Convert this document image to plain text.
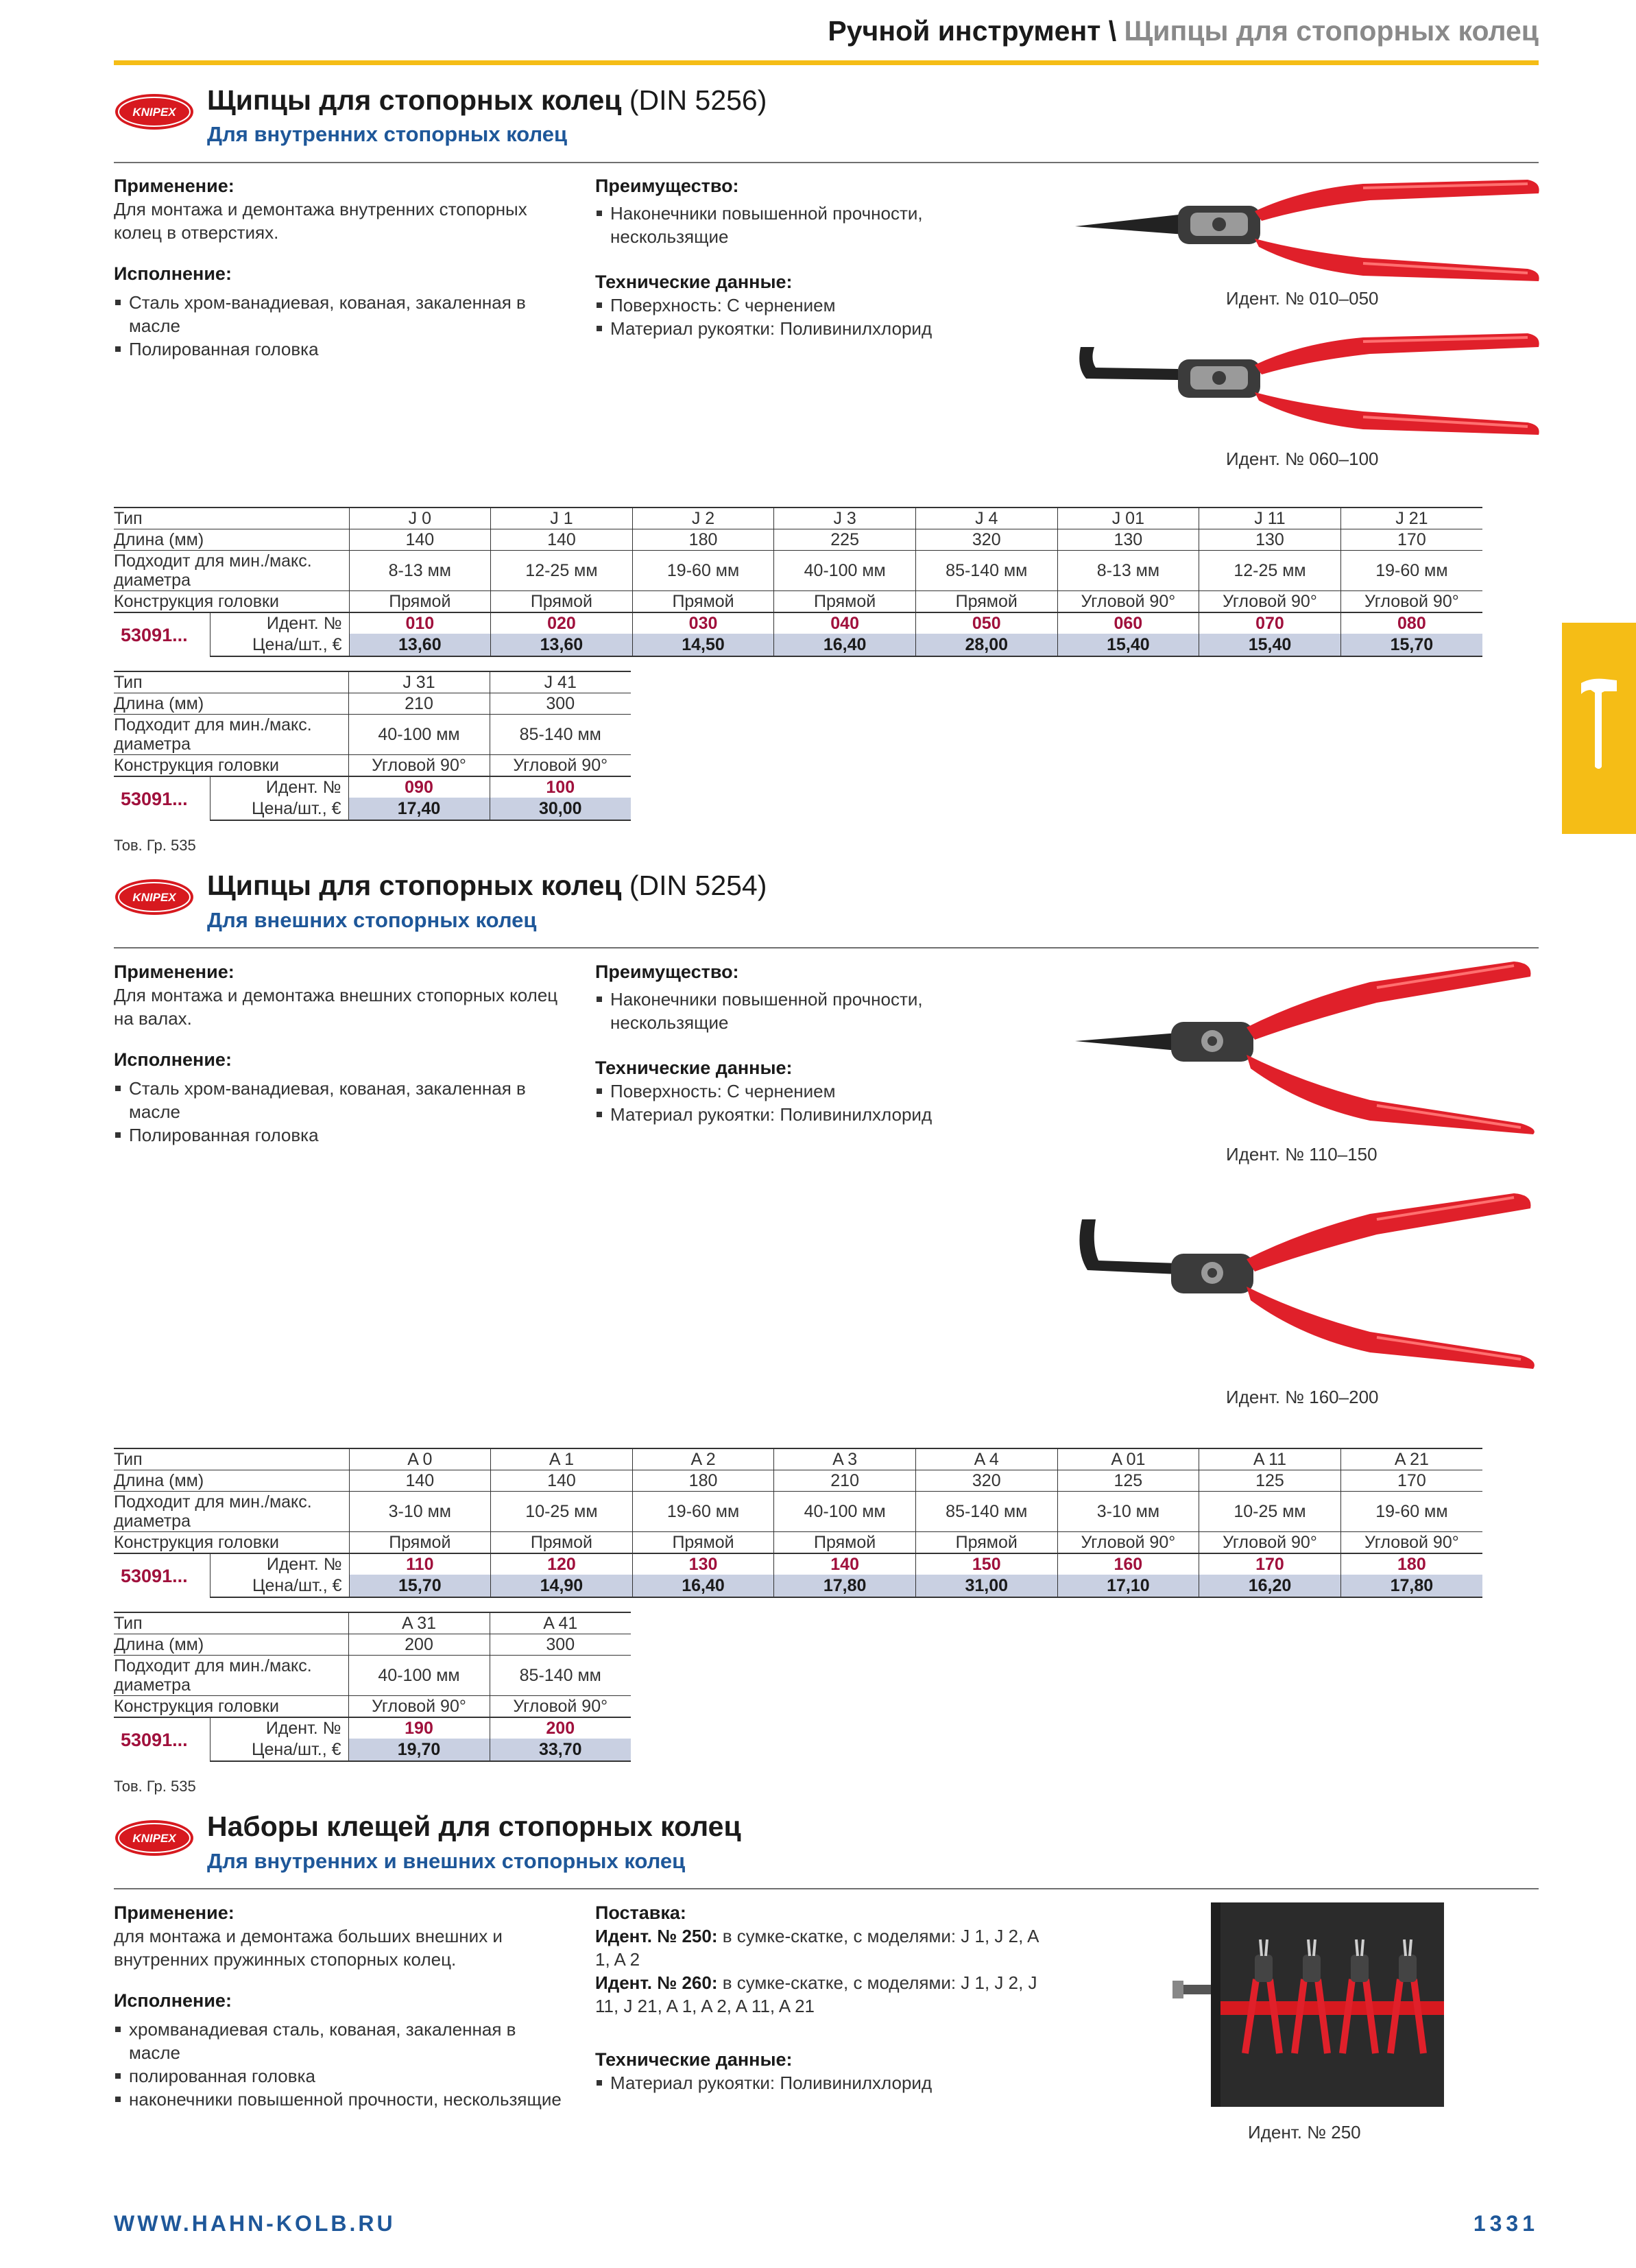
Ручной инструмент \ Щипцы для стопорных колец
KNIPEX Щипцы для стопорных колец (DIN 5256)
Для внутренних стопорных колец
Применение:
Для монтажа и демонтажа внутренних стопорных колец в отверстиях.
Исполнение:
Сталь хром-ванадиевая, кованая, закаленная в масле
Полированная головка
Преимущество:
Наконечники повышенной прочности, нескользящие
Технические данные:
Поверхность: С чернением
Материал рукоятки: Поливинилхлорид
Идент. № 010–050
Идент. № 060–100
Тип		J 0	J 1	J 2	J 3	J 4	J 01	J 11	J 21
Длина (мм)		140	140	180	225	320	130	130	170
Подходит для мин./макс. диаметра		8-13 мм	12-25 мм	19-60 мм	40-100 мм	85-140 мм	8-13 мм	12-25 мм	19-60 мм
Конструкция головки		Прямой	Прямой	Прямой	Прямой	Прямой	Угловой 90°	Угловой 90°	Угловой 90°
53091...	Идент. №	010	020	030	040	050	060	070	080
	Цена/шт., €	13,60	13,60	14,50	16,40	28,00	15,40	15,40	15,70
Тип		J 31	J 41
Длина (мм)		210	300
Подходит для мин./макс. диаметра		40-100 мм	85-140 мм
Конструкция головки		Угловой 90°	Угловой 90°
53091...	Идент. №	090	100
	Цена/шт., €	17,40	30,00
Тов. Гр. 535
KNIPEX Щипцы для стопорных колец (DIN 5254)
Для внешних стопорных колец
Применение:
Для монтажа и демонтажа внешних стопорных колец на валах.
Исполнение:
Сталь хром-ванадиевая, кованая, закаленная в масле
Полированная головка
Преимущество:
Наконечники повышенной прочности, нескользящие
Технические данные:
Поверхность: С чернением
Материал рукоятки: Поливинилхлорид
Идент. № 110–150
Идент. № 160–200
Тип		A 0	A 1	A 2	A 3	A 4	A 01	A 11	A 21
Длина (мм)		140	140	180	210	320	125	125	170
Подходит для мин./макс. диаметра		3-10 мм	10-25 мм	19-60 мм	40-100 мм	85-140 мм	3-10 мм	10-25 мм	19-60 мм
Конструкция головки		Прямой	Прямой	Прямой	Прямой	Прямой	Угловой 90°	Угловой 90°	Угловой 90°
53091...	Идент. №	110	120	130	140	150	160	170	180
	Цена/шт., €	15,70	14,90	16,40	17,80	31,00	17,10	16,20	17,80
Тип		A 31	A 41
Длина (мм)		200	300
Подходит для мин./макс. диаметра		40-100 мм	85-140 мм
Конструкция головки		Угловой 90°	Угловой 90°
53091...	Идент. №	190	200
	Цена/шт., €	19,70	33,70
Тов. Гр. 535
KNIPEX Наборы клещей для стопорных колец
Для внутренних и внешних стопорных колец
Применение:
для монтажа и демонтажа больших внешних и внутренних пружинных стопорных колец.
Исполнение:
хромванадиевая сталь, кованая, закаленная в масле
полированная головка
наконечники повышенной прочности, нескользящие
Поставка:
Идент. № 250: в сумке-скатке, с моделями: J 1, J 2, A 1, A 2
Идент. № 260: в сумке-скатке, с моделями: J 1, J 2, J 11, J 21, A 1, A 2, A 11, A 21
Технические данные:
Материал рукоятки: Поливинилхлорид
Идент. № 250
WWW.HAHN-KOLB.RU	1331
